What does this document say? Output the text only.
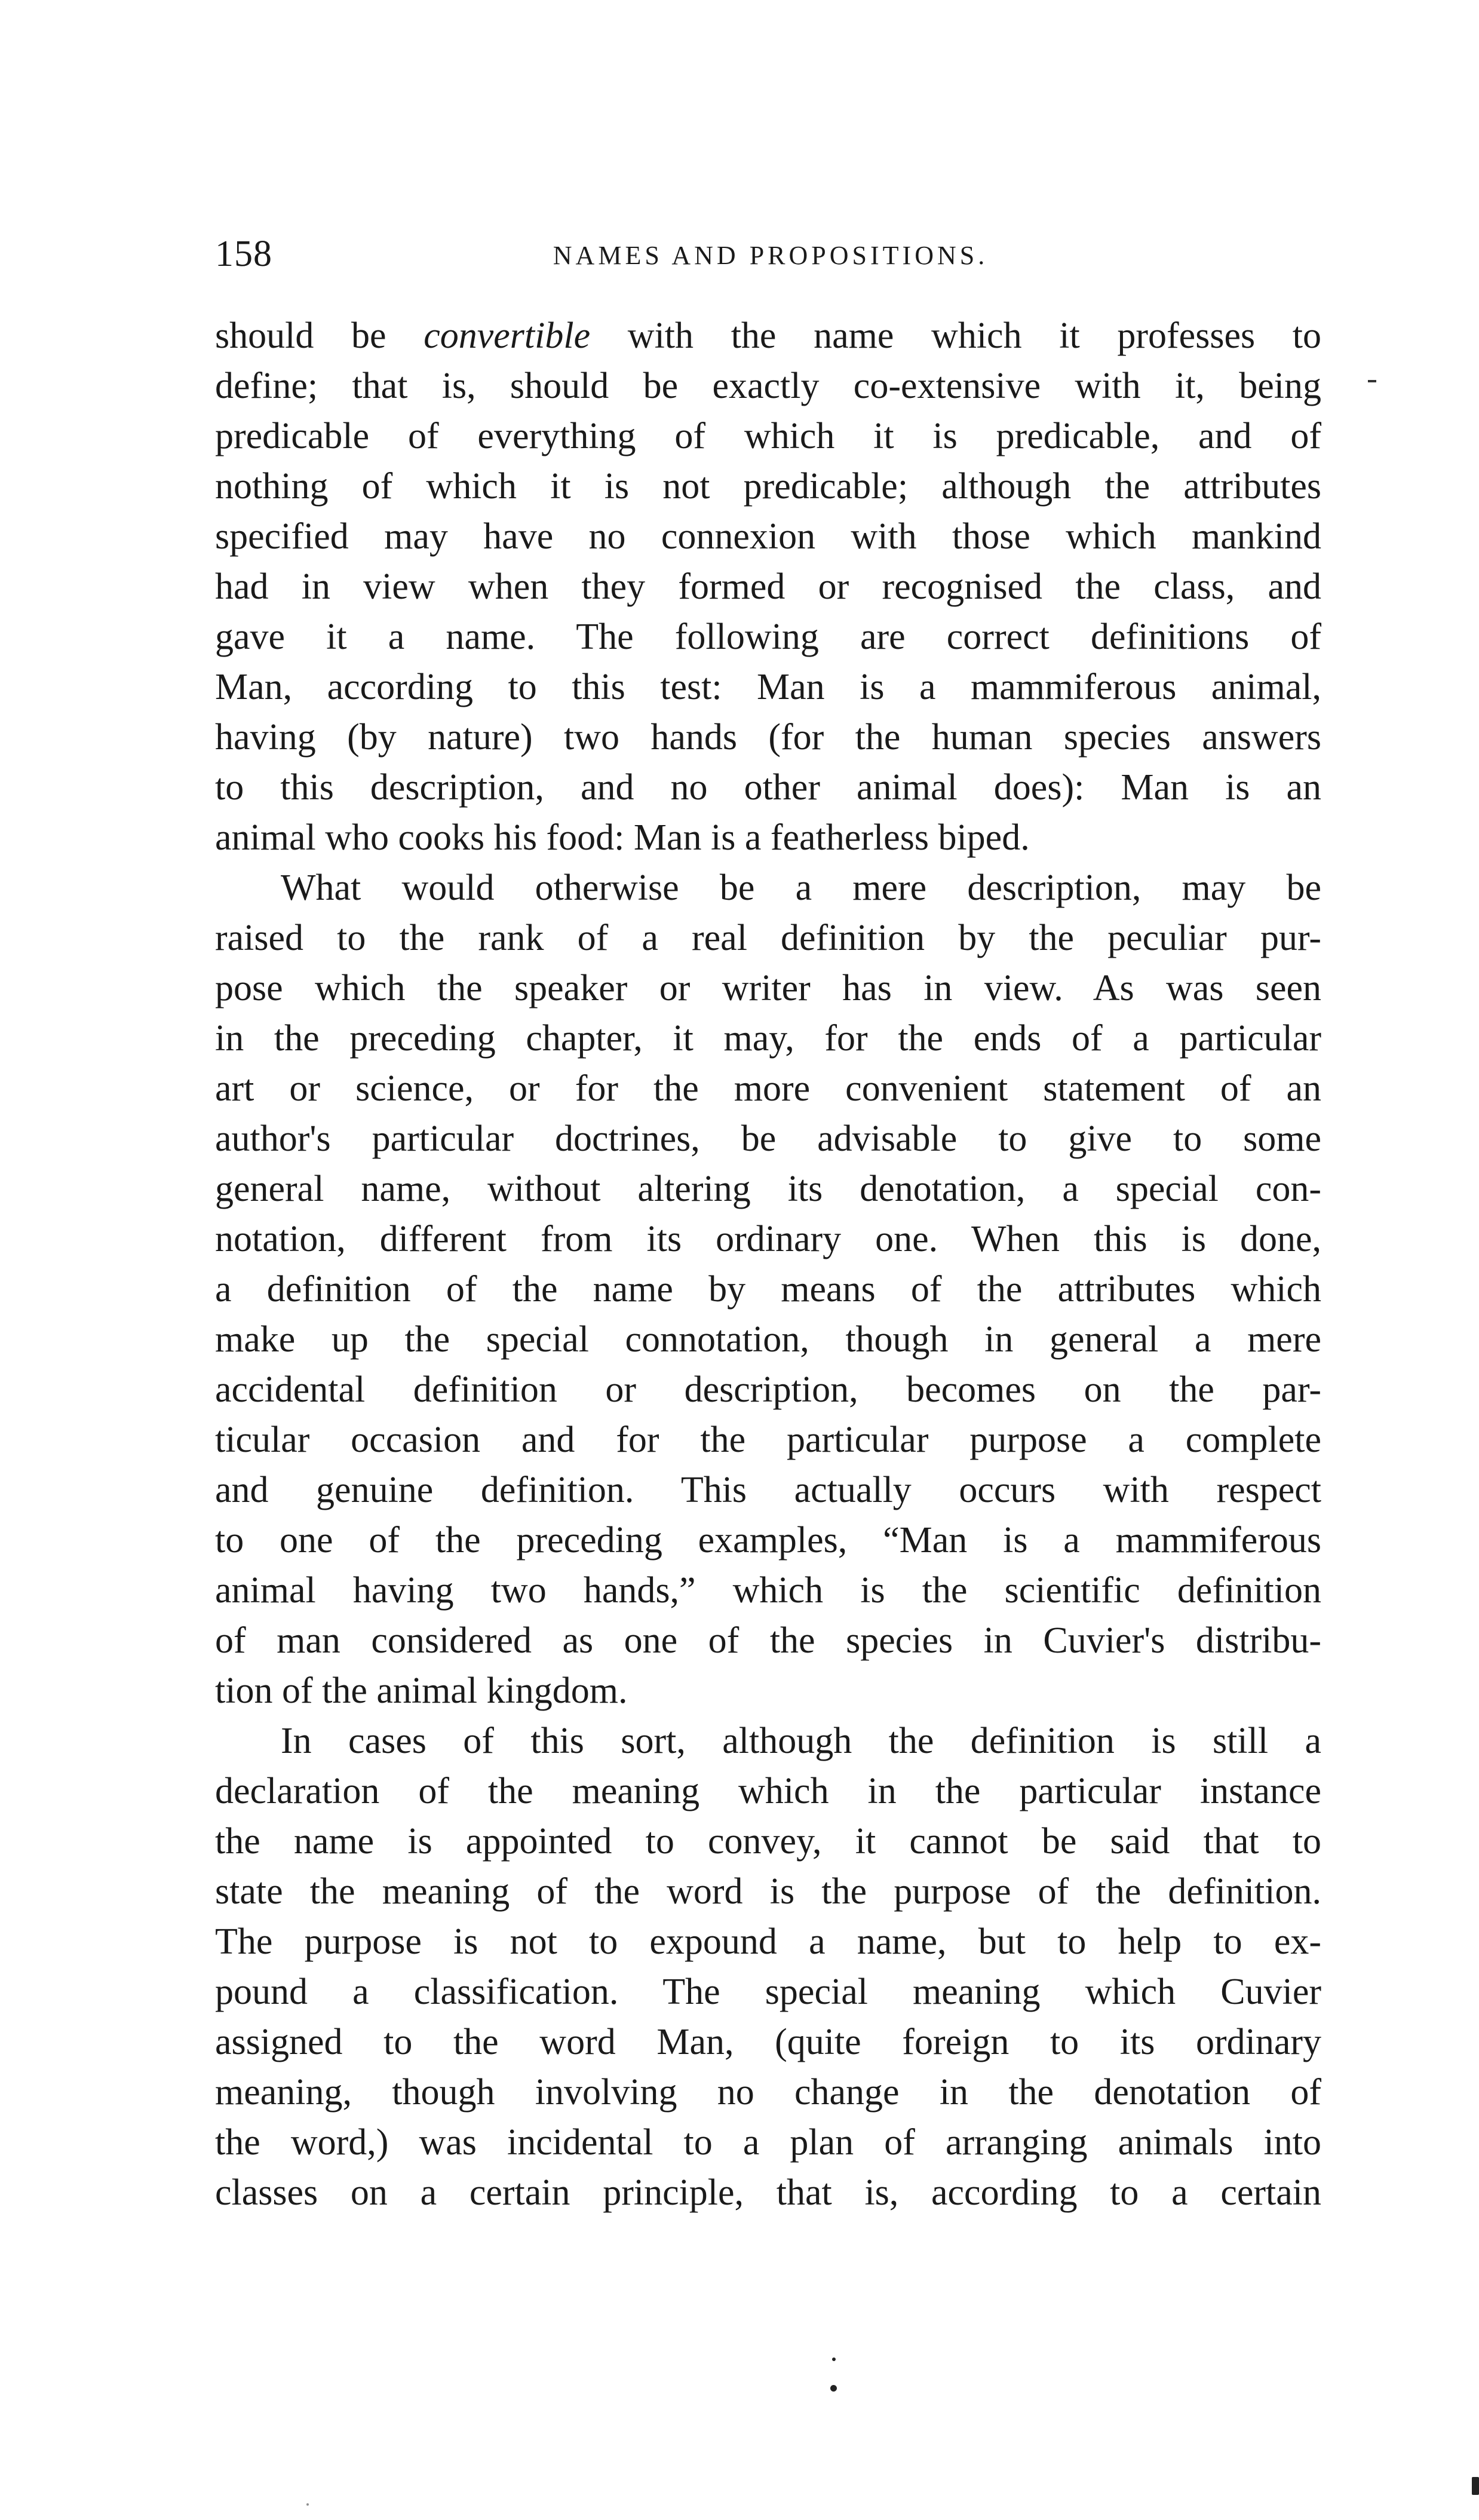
158	NAMES AND PROPOSITIONS.
should be convertible with the name which it professes to
define; that is, should be exactly co-extensive with it, being
predicable of everything of which it is predicable, and of
nothing of which it is not predicable; although the attributes
specified may have no connexion with those which mankind
had in view when they formed or recognised the class, and
gave it a name. The following are correct definitions of
Man, according to this test: Man is a mammiferous animal,
having (by nature) two hands (for the human species answers
to this description, and no other animal does): Man is an
animal who cooks his food: Man is a featherless biped.
What would otherwise be a mere description, may be
raised to the rank of a real definition by the peculiar pur-
pose which the speaker or writer has in view. As was seen
in the preceding chapter, it may, for the ends of a particular
art or science, or for the more convenient statement of an
author's particular doctrines, be advisable to give to some
general name, without altering its denotation, a special con-
notation, different from its ordinary one. When this is done,
a definition of the name by means of the attributes which
make up the special connotation, though in general a mere
accidental definition or description, becomes on the par-
ticular occasion and for the particular purpose a complete
and genuine definition. This actually occurs with respect
to one of the preceding examples, “Man is a mammiferous
animal having two hands,” which is the scientific definition
of man considered as one of the species in Cuvier's distribu-
tion of the animal kingdom.
In cases of this sort, although the definition is still a
declaration of the meaning which in the particular instance
the name is appointed to convey, it cannot be said that to
state the meaning of the word is the purpose of the definition.
The purpose is not to expound a name, but to help to ex-
pound a classification. The special meaning which Cuvier
assigned to the word Man, (quite foreign to its ordinary
meaning, though involving no change in the denotation of
the word,) was incidental to a plan of arranging animals into
classes on a certain principle, that is, according to a certain
